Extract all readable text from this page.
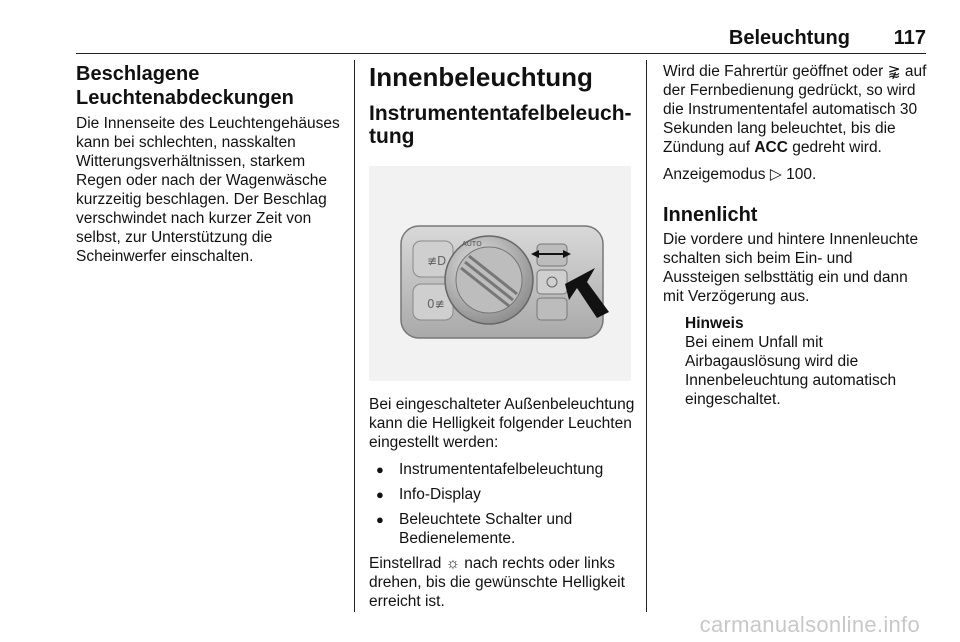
Beleuchtung 117
Beschlagene
Leuchtenabdeckungen

Die Innenseite des Leuchtengehäuses kann bei schlechten, nasskalten Witterungsverhältnissen, starkem Regen oder nach der Wagenwäsche kurzzeitig beschlagen. Der Beschlag verschwindet nach kurzer Zeit von selbst, zur Unterstützung die Scheinwerfer einschalten.

Innenbeleuchtung
Instrumententafelbeleuch-
tung
≢D
0≢
AUTO

Bei eingeschalteter Außenbeleuchtung kann die Helligkeit folgender Leuchten eingestellt werden:

● Instrumententafelbeleuchtung
● Info-Display
● Beleuchtete Schalter und Bedienelemente.

Einstellrad ☼ nach rechts oder links drehen, bis die gewünschte Helligkeit erreicht ist.

Wird die Fahrertür geöffnet oder ⪊ auf der Fernbedienung gedrückt, so wird die Instrumententafel automatisch 30 Sekunden lang beleuchtet, bis die Zündung auf ACC gedreht wird.

Anzeigemodus ▷ 100.

Innenlicht

Die vordere und hintere Innenleuchte schalten sich beim Ein- und Aussteigen selbsttätig ein und dann mit Verzögerung aus.

Hinweis
Bei einem Unfall mit Airbagauslösung wird die Innenbeleuchtung automatisch eingeschaltet.
carmanualsonline.info
